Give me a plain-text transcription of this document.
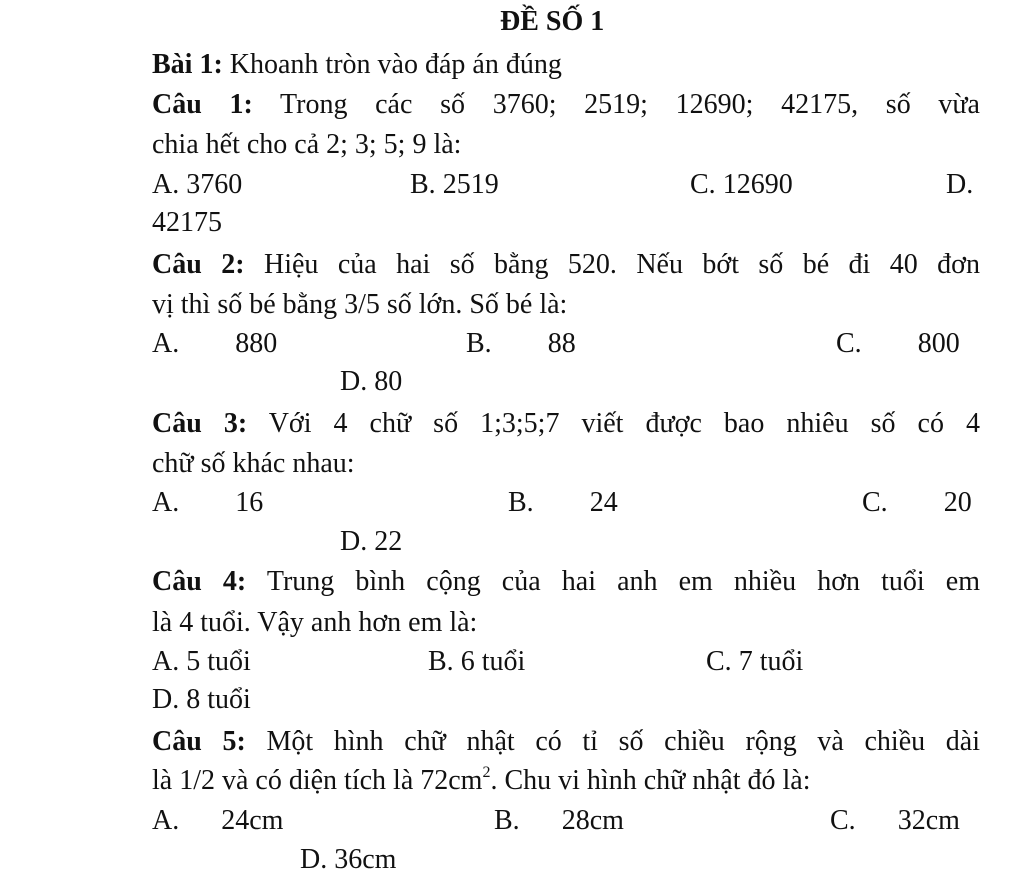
ĐỀ SỐ 1
Bài 1: Khoanh tròn vào đáp án đúng
Câu 1: Trong các số 3760; 2519; 12690; 42175, số vừa
chia hết cho cả 2; 3; 5; 9 là:
A. 3760	B. 2519	C. 12690	D.
42175
Câu 2: Hiệu của hai số bằng 520. Nếu bớt số bé đi 40 đơn
vị thì số bé bằng 3/5 số lớn. Số bé là:
A. 880	B. 88	C. 800
D. 80
Câu 3: Với 4 chữ số 1;3;5;7 viết được bao nhiêu số có 4
chữ số khác nhau:
A. 16	B. 24	C. 20
D. 22
Câu 4: Trung bình cộng của hai anh em nhiều hơn tuổi em
là 4 tuổi. Vậy anh hơn em là:
A. 5 tuổi	B. 6 tuổi	C. 7 tuổi
D. 8 tuổi
Câu 5: Một hình chữ nhật có tỉ số chiều rộng và chiều dài
là 1/2 và có diện tích là $72cm^2$. Chu vi hình chữ nhật đó là:
A. 24cm	B. 28cm	C. 32cm
D. 36cm
